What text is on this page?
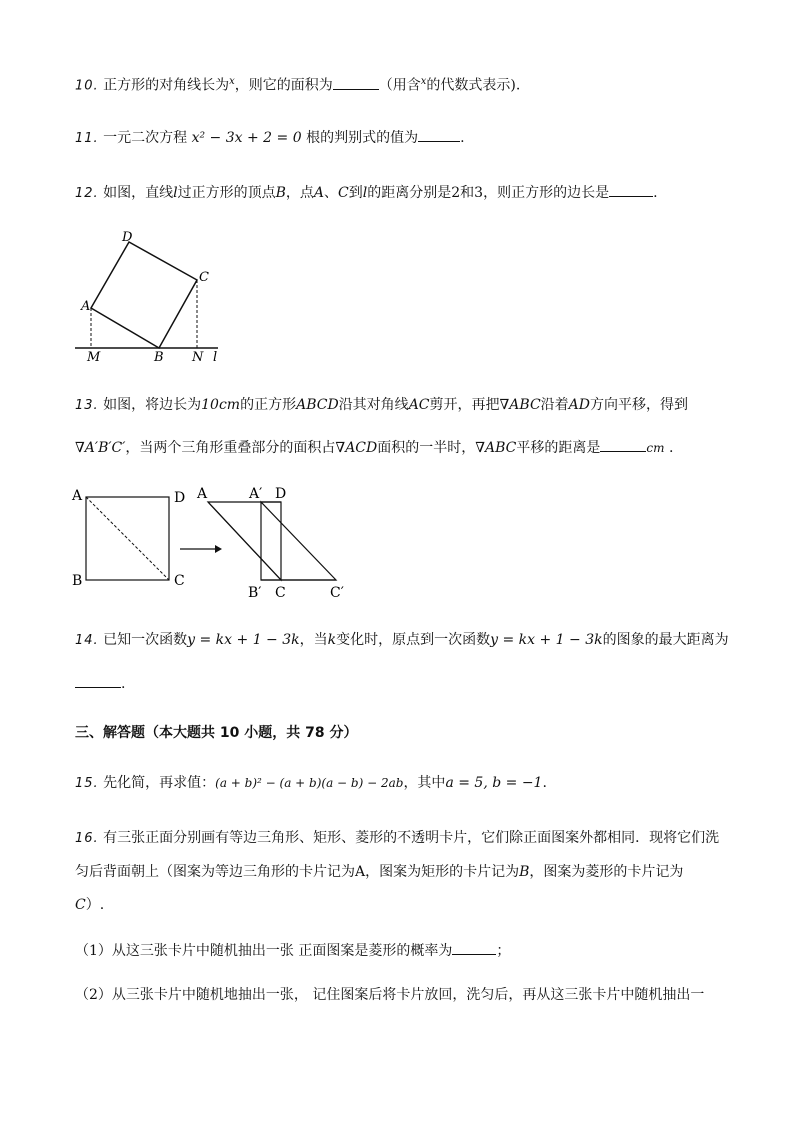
10. 正方形的对角线长为$^x$，则它的面积为	（用含$^x$的代数式表示).
11. 一元二次方程 x² − 3x + 2 = 0 根的判别式的值为	.
12. 如图，直线l过正方形的顶点B，点A、C到l的距离分别是2和3，则正方形的边长是	.
D
C
A
M	B N l
13. 如图，将边长为10cm的正方形ABCD沿其对角线AC剪开，再把∇ABC沿着AD方向平移，得到
∇A′B′C′，当两个三角形重叠部分的面积占∇ACD面积的一半时，∇ABC平移的距离是	cm .
A	D
B	C
A	A′ D
B′ C	C′
14. 已知一次函数y = kx + 1 − 3k，当k变化时，原点到一次函数y = kx + 1 − 3k的图象的最大距离为
.
三、解答题（本大题共 10 小题，共 78 分）
15. 先化简，再求值：(a + b)² − (a + b)(a − b) − 2ab，其中a = 5, b = −1.
16. 有三张正面分别画有等边三角形、矩形、菱形的不透明卡片，它们除正面图案外都相同．现将它们洗
匀后背面朝上（图案为等边三角形的卡片记为A，图案为矩形的卡片记为B，图案为菱形的卡片记为
C）.
（1）从这三张卡片中随机抽出一张 正面图案是菱形的概率为	；
（2）从三张卡片中随机地抽出一张， 记住图案后将卡片放回，洗匀后，再从这三张卡片中随机抽出一
